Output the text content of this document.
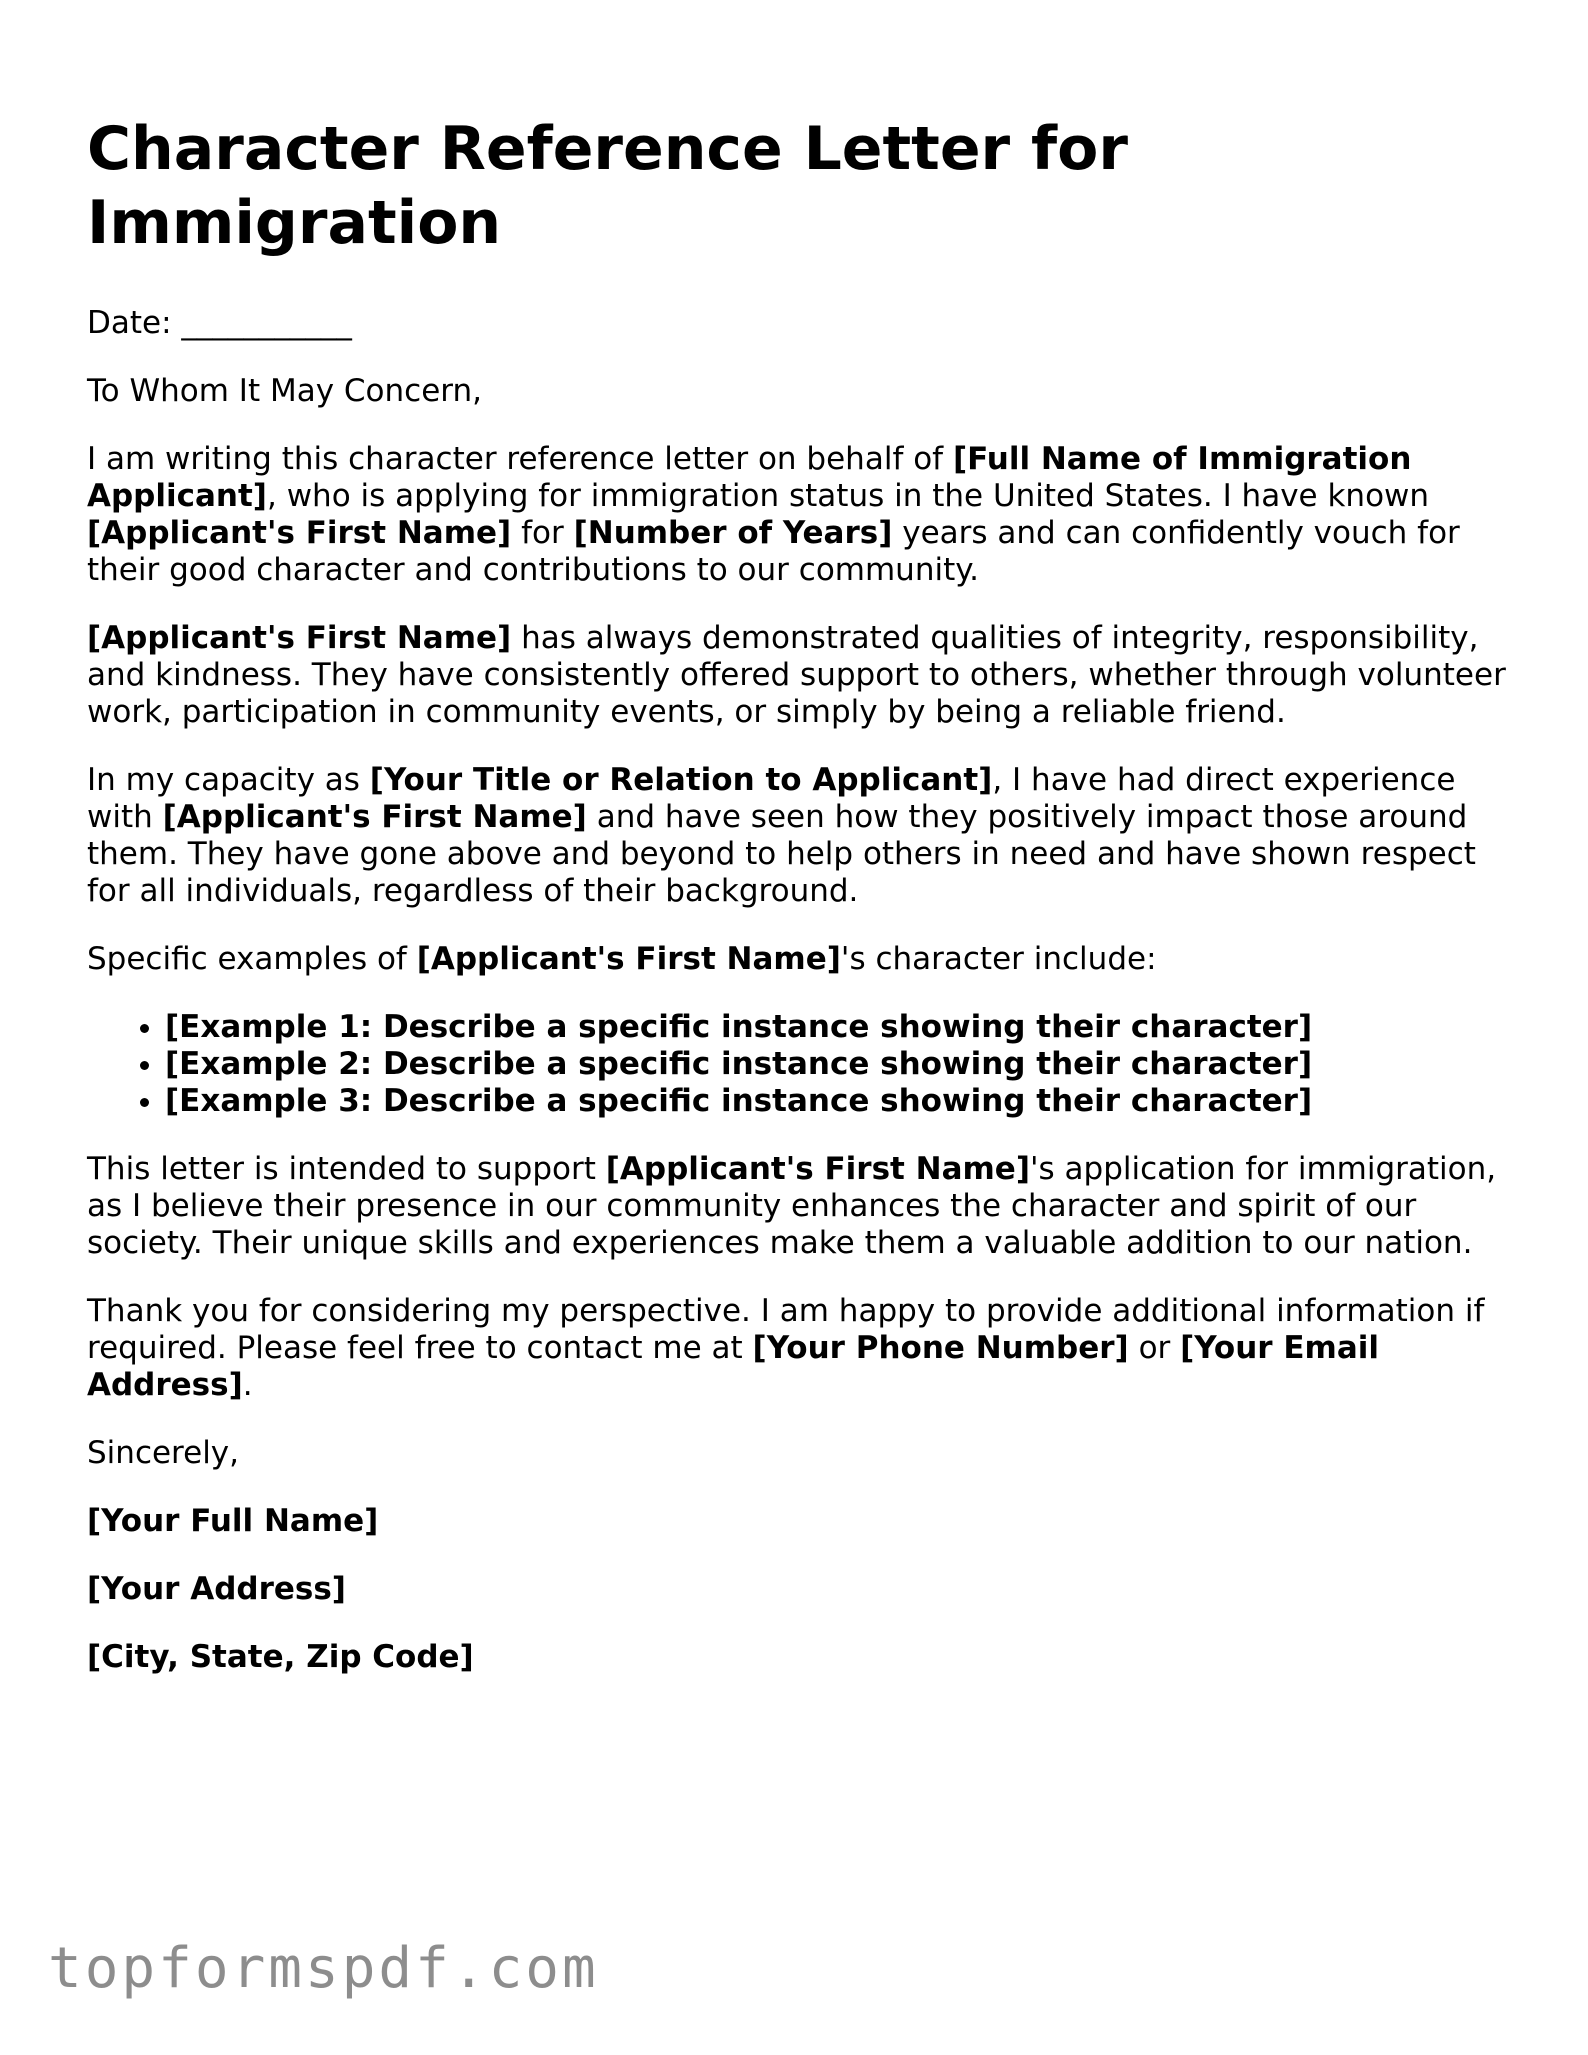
Character Reference Letter for Immigration

Date: ___________

To Whom It May Concern,

I am writing this character reference letter on behalf of [Full Name of Immigration Applicant], who is applying for immigration status in the United States. I have known [Applicant's First Name] for [Number of Years] years and can confidently vouch for their good character and contributions to our community.

[Applicant's First Name] has always demonstrated qualities of integrity, responsibility, and kindness. They have consistently offered support to others, whether through volunteer work, participation in community events, or simply by being a reliable friend.

In my capacity as [Your Title or Relation to Applicant], I have had direct experience with [Applicant's First Name] and have seen how they positively impact those around them. They have gone above and beyond to help others in need and have shown respect for all individuals, regardless of their background.

Specific examples of [Applicant's First Name]'s character include:

• [Example 1: Describe a specific instance showing their character]
• [Example 2: Describe a specific instance showing their character]
• [Example 3: Describe a specific instance showing their character]

This letter is intended to support [Applicant's First Name]'s application for immigration, as I believe their presence in our community enhances the character and spirit of our society. Their unique skills and experiences make them a valuable addition to our nation.

Thank you for considering my perspective. I am happy to provide additional information if required. Please feel free to contact me at [Your Phone Number] or [Your Email Address].

Sincerely,

[Your Full Name]

[Your Address]

[City, State, Zip Code]

topformspdf.com
